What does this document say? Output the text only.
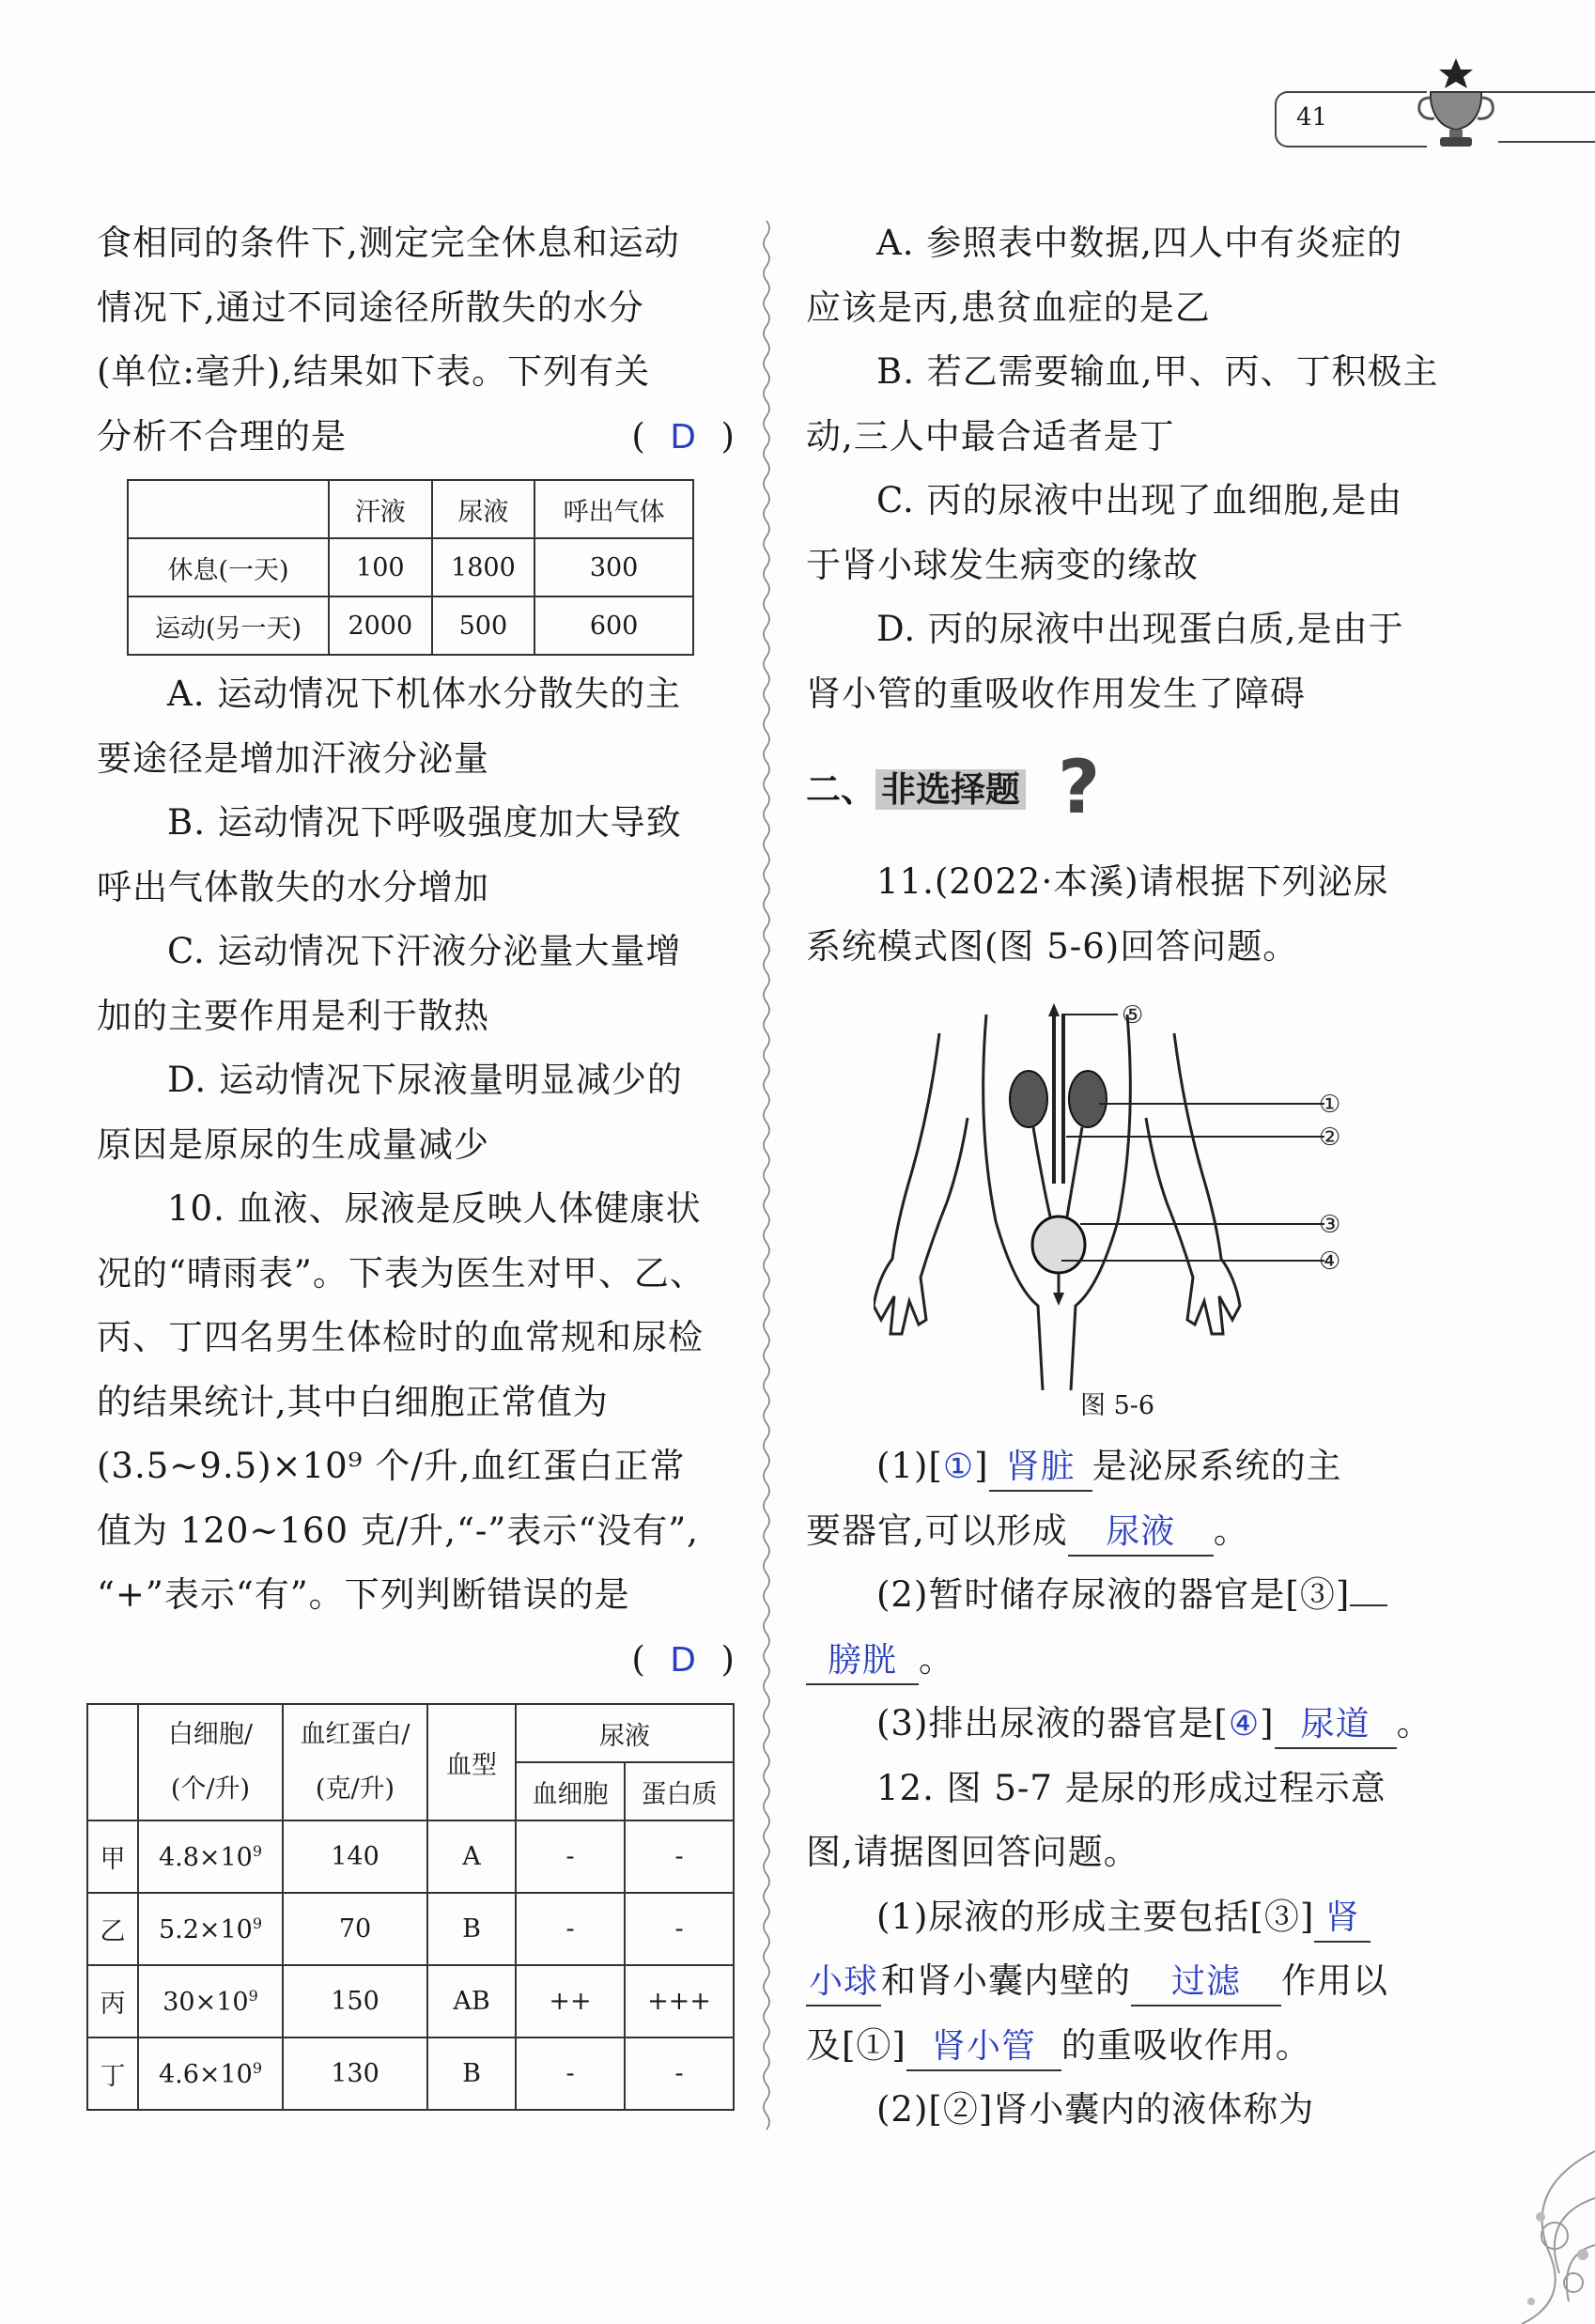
41
食相同的条件下,测定完全休息和运动
情况下,通过不同途径所散失的水分
(单位:毫升),结果如下表。下列有关
分析不合理的是	(  D  )
	汗液	尿液	呼出气体
休息(一天)	100	1800	300
运动(另一天)	2000	500	600
A. 运动情况下机体水分散失的主
要途径是增加汗液分泌量
B. 运动情况下呼吸强度加大导致
呼出气体散失的水分增加
C. 运动情况下汗液分泌量大量增
加的主要作用是利于散热
D. 运动情况下尿液量明显减少的
原因是原尿的生成量减少
10. 血液、尿液是反映人体健康状
况的“晴雨表”。下表为医生对甲、乙、
丙、丁四名男生体检时的血常规和尿检
的结果统计,其中白细胞正常值为
(3.5~9.5)×10⁹ 个/升,血红蛋白正常
值为 120~160 克/升,“-”表示“没有”,
“+”表示“有”。下列判断错误的是
(  D  )
	白细胞/
(个/升)	血红蛋白/
(克/升)	血型	尿液	
				血细胞	蛋白质
甲	$4.8\times 10^9$	140	A	-	-
乙	$5.2\times 10^9$	70	B	-	-
丙	$30\times 10^9$	150	AB	++	+++
丁	$4.6\times 10^9$	130	B	-	-
A. 参照表中数据,四人中有炎症的
应该是丙,患贫血症的是乙
B. 若乙需要输血,甲、丙、丁积极主
动,三人中最合适者是丁
C. 丙的尿液中出现了血细胞,是由
于肾小球发生病变的缘故
D. 丙的尿液中出现蛋白质,是由于
肾小管的重吸收作用发生了障碍
二、 非选择题 ?
11.(2022·本溪)请根据下列泌尿
系统模式图(图 5-6)回答问题。
⑤
①
②
③
④
图 5-6
(1)[①] 肾脏 是泌尿系统的主
要器官,可以形成 尿液 。
(2)暂时储存尿液的器官是[③]
膀胱 。
(3)排出尿液的器官是[④] 尿道 。
12. 图 5-7 是尿的形成过程示意
图,请据图回答问题。
(1)尿液的形成主要包括[③] 肾
小球和肾小囊内壁的 过滤 作用以
及[①] 肾小管 的重吸收作用。
(2)[②]肾小囊内的液体称为
